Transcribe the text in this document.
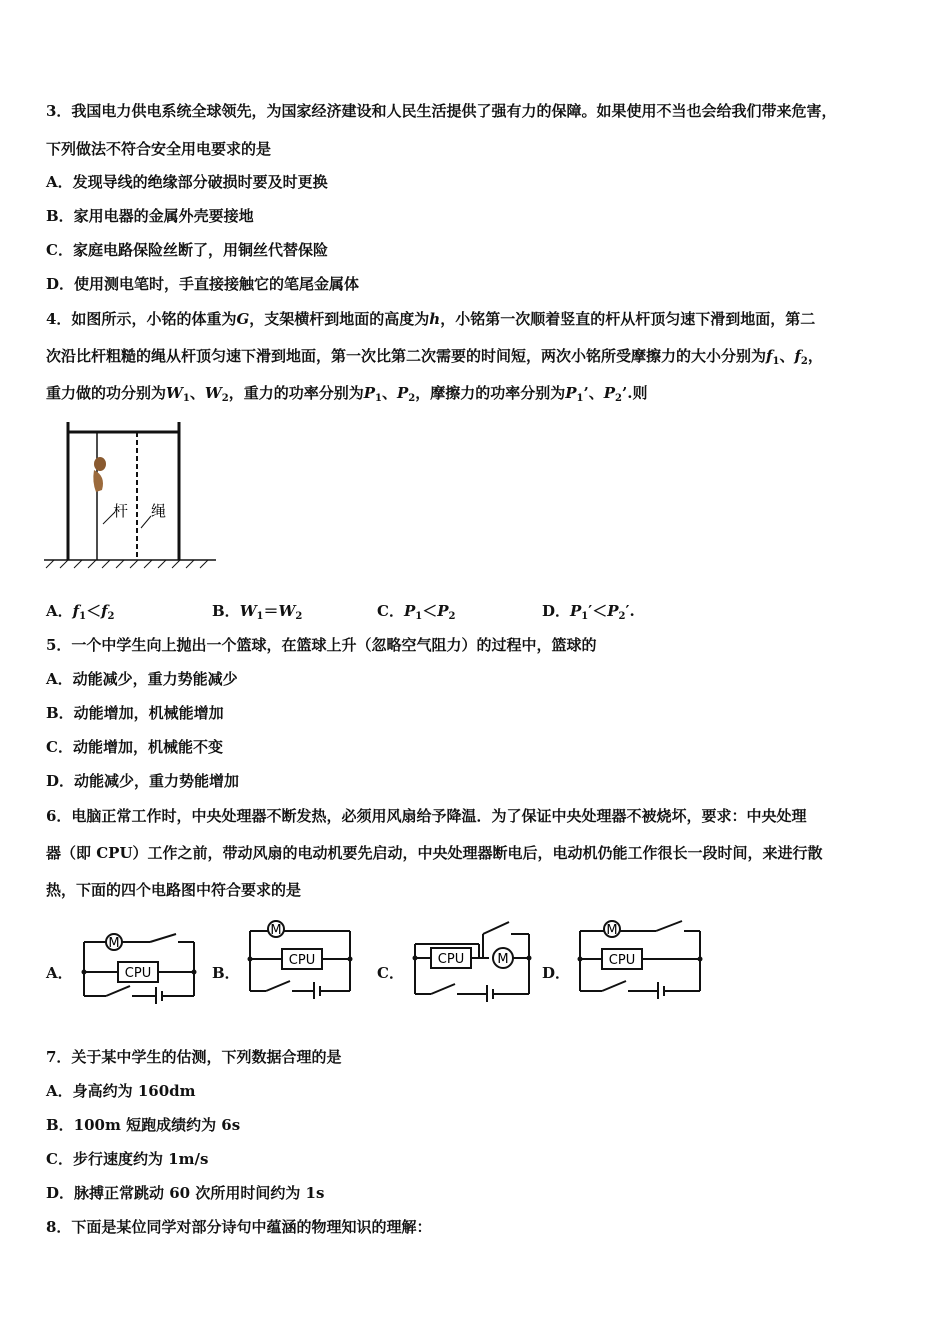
3．我国电力供电系统全球领先，为国家经济建设和人民生活提供了强有力的保障。如果使用不当也会给我们带来危害，
下列做法不符合安全用电要求的是
A．发现导线的绝缘部分破损时要及时更换
B．家用电器的金属外壳要接地
C．家庭电路保险丝断了，用铜丝代替保险
D．使用测电笔时，手直接接触它的笔尾金属体
4．如图所示，小铭的体重为G，支架横杆到地面的高度为h，小铭第一次顺着竖直的杆从杆顶匀速下滑到地面，第二
次沿比杆粗糙的绳从杆顶匀速下滑到地面，第一次比第二次需要的时间短，两次小铭所受摩擦力的大小分别为$f_1$、$f_2$，
重力做的功分别为$W_1$、$W_2$，重力的功率分别为$P_1$、$P_2$，摩擦力的功率分别为$P_1$’、$P_2$’.则
杆 绳
A．$f_1<f_2$	B．$W_1=W_2$	C．$P_1<P_2$	D．$P_1'<P_2'$.
5．一个中学生向上抛出一个篮球，在篮球上升（忽略空气阻力）的过程中，篮球的
A．动能减少，重力势能减少
B．动能增加，机械能增加
C．动能增加，机械能不变
D．动能减少，重力势能增加
6．电脑正常工作时，中央处理器不断发热，必须用风扇给予降温．为了保证中央处理器不被烧坏，要求：中央处理
器（即 CPU）工作之前，带动风扇的电动机要先启动，中央处理器断电后，电动机仍能工作很长一段时间，来进行散
热，下面的四个电路图中符合要求的是
A．
M
CPU	B．
M
CPU
C．
CPU	M
D．
M
CPU
7．关于某中学生的估测，下列数据合理的是
A．身高约为 160dm
B．100m 短跑成绩约为 6s
C．步行速度约为 1m/s
D．脉搏正常跳动 60 次所用时间约为 1s
8．下面是某位同学对部分诗句中蕴涵的物理知识的理解：
